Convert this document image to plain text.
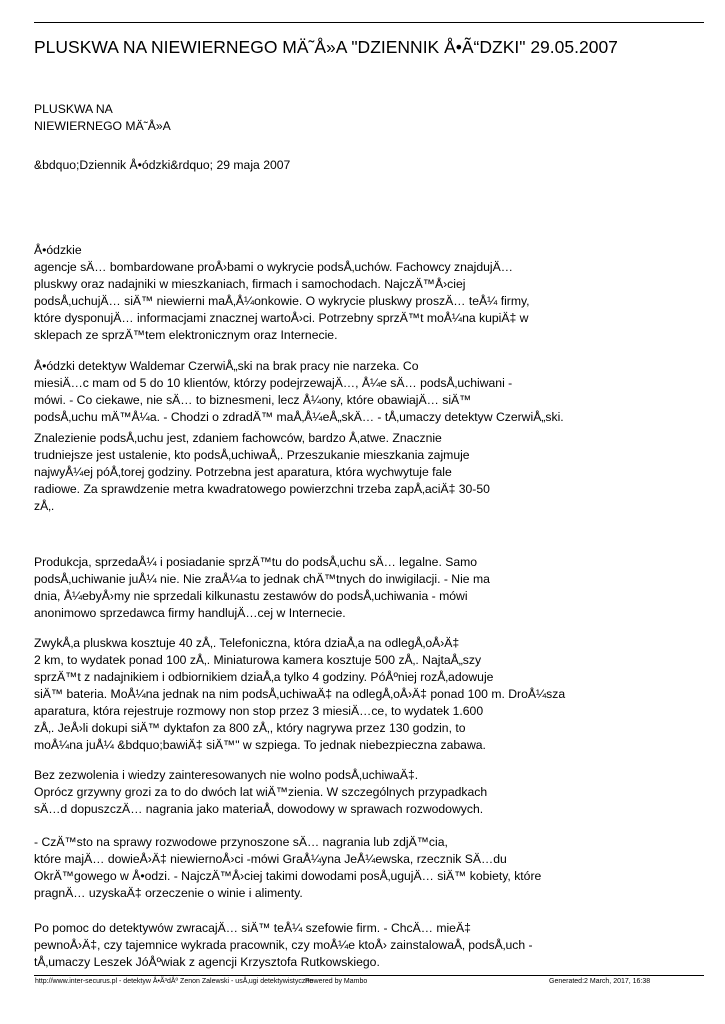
PLUSKWA NA NIEWIERNEGO MÄ˜Å»A "DZIENNIK Å•Ã“DZKI" 29.05.2007
PLUSKWA NA
NIEWIERNEGO MÄ˜Å»A
&bdquo;Dziennik Å•ódzki&rdquo; 29 maja 2007
Å•ódzkie
agencje sÄ… bombardowane proÅ›bami o wykrycie podsÅ‚uchów. Fachowcy znajdujÄ…
pluskwy oraz nadajniki w mieszkaniach, firmach i samochodach. NajczÄ™Å›ciej
podsÅ‚uchujÄ… siÄ™ niewierni maÅ‚Å¼onkowie. O wykrycie pluskwy proszÄ… teÅ¼ firmy,
które dysponujÄ… informacjami znacznej wartoÅ›ci. Potrzebny sprzÄ™t moÅ¼na kupiÄ‡ w
sklepach ze sprzÄ™tem elektronicznym oraz Internecie.
Å•ódzki detektyw Waldemar CzerwiÅ„ski na brak pracy nie narzeka. Co
miesiÄ…c mam od 5 do 10 klientów, którzy podejrzewajÄ…, Å¼e sÄ… podsÅ‚uchiwani -
mówi. - Co ciekawe, nie sÄ… to biznesmeni, lecz Å¼ony, które obawiajÄ… siÄ™
podsÅ‚uchu mÄ™Å¼a. - Chodzi o zdradÄ™ maÅ‚Å¼eÅ„skÄ… - tÅ‚umaczy detektyw CzerwiÅ„ski.
Znalezienie podsÅ‚uchu jest, zdaniem fachowców, bardzo Å‚atwe. Znacznie
trudniejsze jest ustalenie, kto podsÅ‚uchiwaÅ‚. Przeszukanie mieszkania zajmuje
najwyÅ¼ej póÅ‚torej godziny. Potrzebna jest aparatura, która wychwytuje fale
radiowe. Za sprawdzenie metra kwadratowego powierzchni trzeba zapÅ‚aciÄ‡ 30-50
zÅ‚.
Produkcja, sprzedaÅ¼ i posiadanie sprzÄ™tu do podsÅ‚uchu sÄ… legalne. Samo
podsÅ‚uchiwanie juÅ¼ nie. Nie zraÅ¼a to jednak chÄ™tnych do inwigilacji. - Nie ma
dnia, Å¼ebyÅ›my nie sprzedali kilkunastu zestawów do podsÅ‚uchiwania - mówi
anonimowo sprzedawca firmy handlujÄ…cej w Internecie.
ZwykÅ‚a pluskwa kosztuje 40 zÅ‚. Telefoniczna, która dziaÅ‚a na odlegÅ‚oÅ›Ä‡
2 km, to wydatek ponad 100 zÅ‚. Miniaturowa kamera kosztuje 500 zÅ‚. NajtaÅ„szy
sprzÄ™t z nadajnikiem i odbiornikiem dziaÅ‚a tylko 4 godziny. PóÅºniej rozÅ‚adowuje
siÄ™ bateria. MoÅ¼na jednak na nim podsÅ‚uchiwaÄ‡ na odlegÅ‚oÅ›Ä‡ ponad 100 m. DroÅ¼sza
aparatura, która rejestruje rozmowy non stop przez 3 miesiÄ…ce, to wydatek 1.600
zÅ‚. JeÅ›li dokupi siÄ™ dyktafon za 800 zÅ‚, który nagrywa przez 130 godzin, to
moÅ¼na juÅ¼ &bdquo;bawiÄ‡ siÄ™" w szpiega. To jednak niebezpieczna zabawa.
Bez zezwolenia i wiedzy zainteresowanych nie wolno podsÅ‚uchiwaÄ‡.
Oprócz grzywny grozi za to do dwóch lat wiÄ™zienia. W szczególnych przypadkach
sÄ…d dopuszczÄ… nagrania jako materiaÅ‚ dowodowy w sprawach rozwodowych.
- CzÄ™sto na sprawy rozwodowe przynoszone sÄ… nagrania lub zdjÄ™cia,
które majÄ… dowieÅ›Ä‡ niewiernoÅ›ci -mówi GraÅ¼yna JeÅ¼ewska, rzecznik SÄ…du
OkrÄ™gowego w Å•odzi. - NajczÄ™Å›ciej takimi dowodami posÅ‚ugujÄ… siÄ™ kobiety, które
pragnÄ… uzyskaÄ‡ orzeczenie o winie i alimenty.
Po pomoc do detektywów zwracajÄ… siÄ™ teÅ¼ szefowie firm. - ChcÄ… mieÄ‡
pewnoÅ›Ä‡, czy tajemnice wykrada pracownik, czy moÅ¼e ktoÅ› zainstalowaÅ‚ podsÅ‚uch -
tÅ‚umaczy Leszek JóÅºwiak z agencji Krzysztofa Rutkowskiego.
http://www.inter-securus.pl - detektyw Å•Ã³dÅº Zenon Zalewski - usÅ‚ugi detektywistyczne
Powered by Mambo	Generated:2 March, 2017, 16:38
